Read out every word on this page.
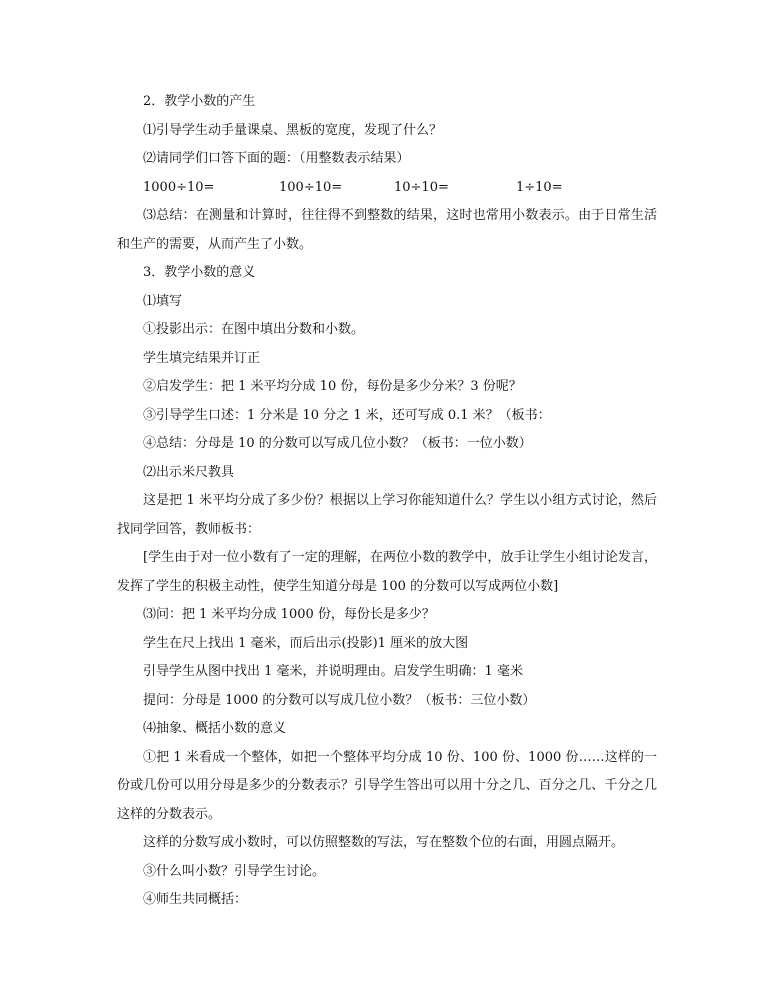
2．教学小数的产生

⑴引导学生动手量课桌、黑板的宽度，发现了什么？

⑵请同学们口答下面的题：（用整数表示结果）

1000÷10=	100÷10=	10÷10=	1÷10=

⑶总结：在测量和计算时，往往得不到整数的结果，这时也常用小数表示。由于日常生活和生产的需要，从而产生了小数。

3．教学小数的意义

⑴填写

①投影出示：在图中填出分数和小数。

学生填完结果并订正

②启发学生：把 1 米平均分成 10 份，每份是多少分米？3 份呢？

③引导学生口述：1 分米是 10 分之 1 米，还可写成 0.1 米？（板书：

④总结：分母是 10 的分数可以写成几位小数？（板书：一位小数）

⑵出示米尺教具

这是把 1 米平均分成了多少份？根据以上学习你能知道什么？学生以小组方式讨论，然后找同学回答，教师板书：

[学生由于对一位小数有了一定的理解，在两位小数的教学中，放手让学生小组讨论发言，发挥了学生的积极主动性，使学生知道分母是 100 的分数可以写成两位小数]

⑶问：把 1 米平均分成 1000 份，每份长是多少？

学生在尺上找出 1 毫米，而后出示(投影)1 厘米的放大图

引导学生从图中找出 1 毫米，并说明理由。启发学生明确：1 毫米

提问：分母是 1000 的分数可以写成几位小数？（板书：三位小数）

⑷抽象、概括小数的意义

①把 1 米看成一个整体，如把一个整体平均分成 10 份、100 份、1000 份……这样的一份或几份可以用分母是多少的分数表示？引导学生答出可以用十分之几、百分之几、千分之几这样的分数表示。

这样的分数写成小数时，可以仿照整数的写法，写在整数个位的右面，用圆点隔开。

③什么叫小数？引导学生讨论。

④师生共同概括：
